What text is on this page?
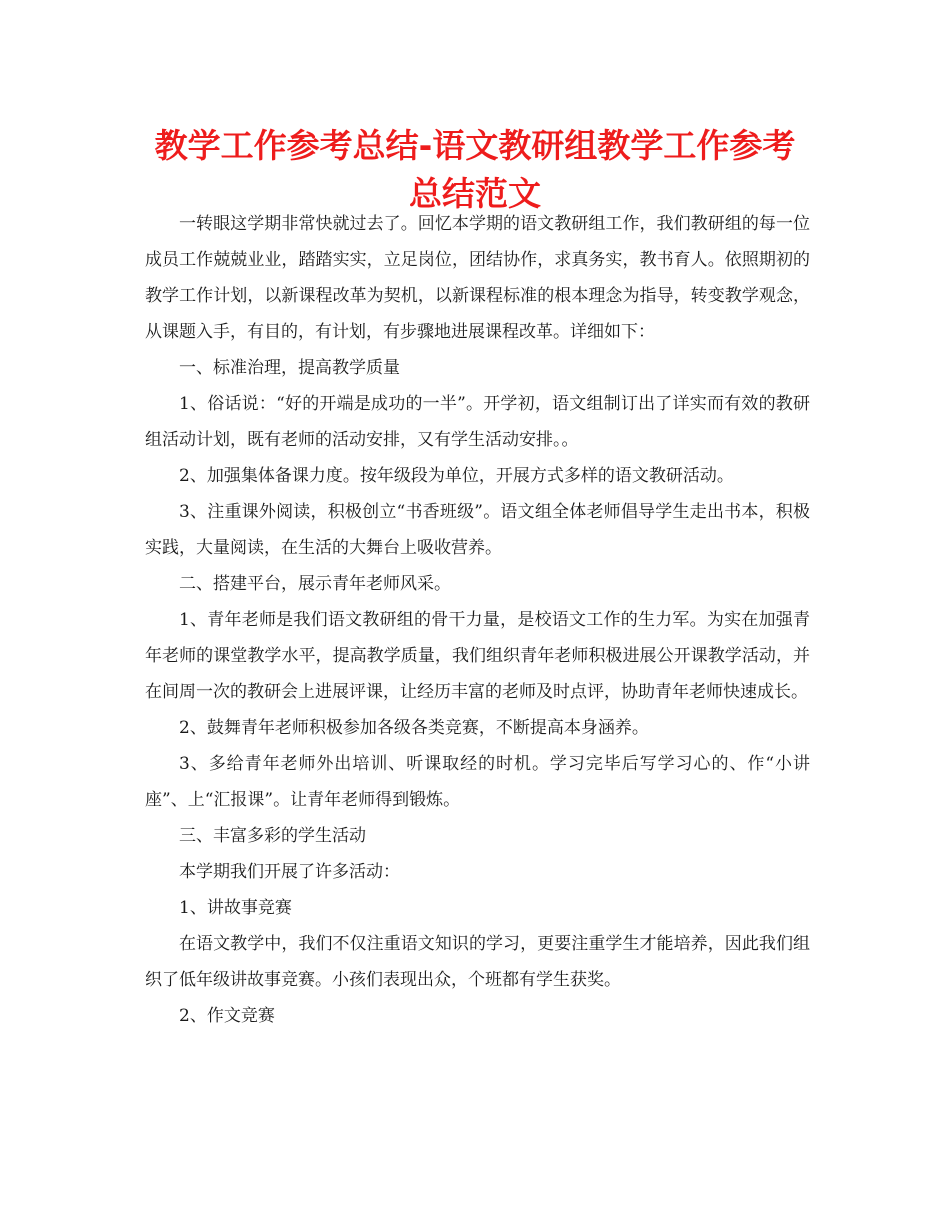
教学工作参考总结-语文教研组教学工作参考总结范文

一转眼这学期非常快就过去了。回忆本学期的语文教研组工作，我们教研组的每一位成员工作兢兢业业，踏踏实实，立足岗位，团结协作，求真务实，教书育人。依照期初的教学工作计划，以新课程改革为契机，以新课程标准的根本理念为指导，转变教学观念，从课题入手，有目的，有计划，有步骤地进展课程改革。详细如下：

一、标准治理，提高教学质量

1、俗话说：“好的开端是成功的一半”。开学初，语文组制订出了详实而有效的教研组活动计划，既有老师的活动安排，又有学生活动安排。。

2、加强集体备课力度。按年级段为单位，开展方式多样的语文教研活动。

3、注重课外阅读，积极创立“书香班级”。语文组全体老师倡导学生走出书本，积极实践，大量阅读，在生活的大舞台上吸收营养。

二、搭建平台，展示青年老师风采。

1、青年老师是我们语文教研组的骨干力量，是校语文工作的生力军。为实在加强青年老师的课堂教学水平，提高教学质量，我们组织青年老师积极进展公开课教学活动，并在间周一次的教研会上进展评课，让经历丰富的老师及时点评，协助青年老师快速成长。

2、鼓舞青年老师积极参加各级各类竞赛，不断提高本身涵养。

3、多给青年老师外出培训、听课取经的时机。学习完毕后写学习心的、作“小讲座”、上“汇报课”。让青年老师得到锻炼。

三、丰富多彩的学生活动

本学期我们开展了许多活动：

1、讲故事竞赛

在语文教学中，我们不仅注重语文知识的学习，更要注重学生才能培养，因此我们组织了低年级讲故事竞赛。小孩们表现出众，个班都有学生获奖。

2、作文竞赛
